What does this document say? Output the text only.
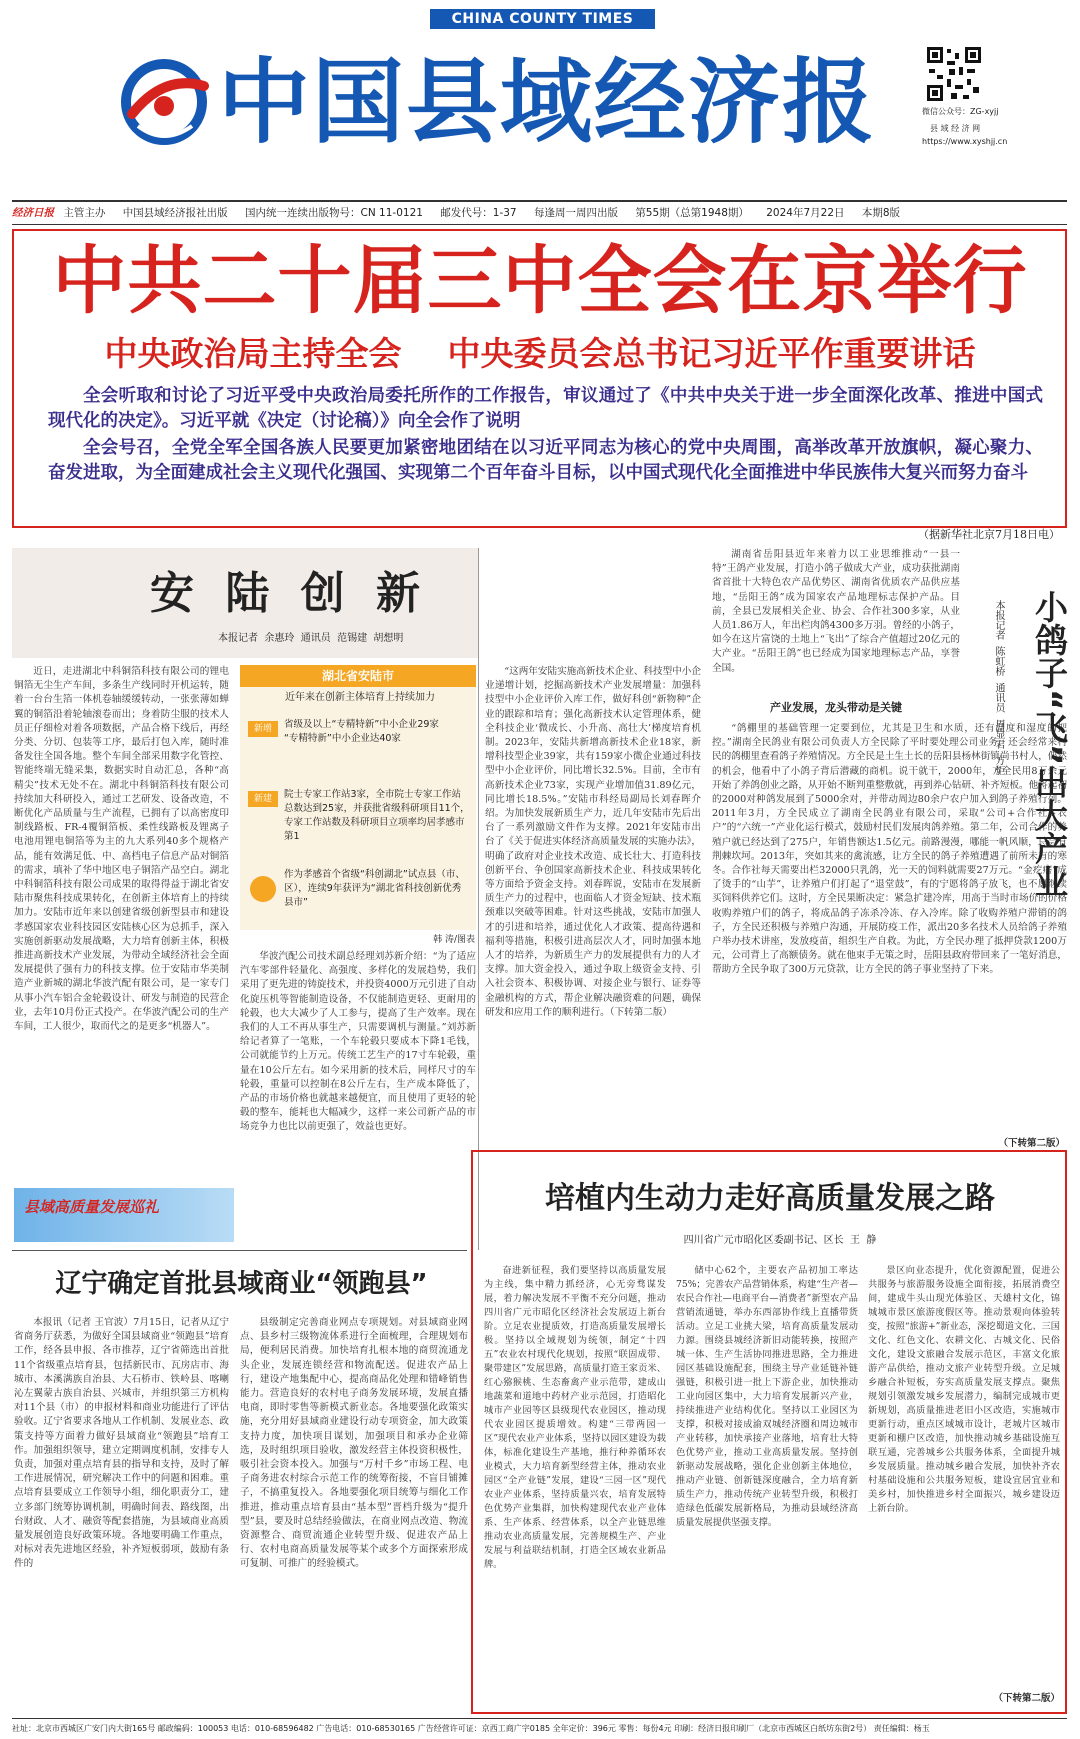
CHINA COUNTY TIMES
中国县域经济报	微信公众号：ZG-xyjj
县 域 经 济 网
https://www.xyshjj.cn
经济日报 主管主办 中国县域经济报社出版 国内统一连续出版物号：CN 11-0121 邮发代号：1-37 每逢周一周四出版 第55期（总第1948期） 2024年7月22日 本期8版
中共二十届三中全会在京举行
中央政治局主持全会    中央委员会总书记习近平作重要讲话
全会听取和讨论了习近平受中央政治局委托所作的工作报告，审议通过了《中共中央关于进一步全面深化改革、推进中国式现代化的决定》。习近平就《决定（讨论稿）》向全会作了说明
全会号召，全党全军全国各族人民要更加紧密地团结在以习近平同志为核心的党中央周围，高举改革开放旗帜，凝心聚力、奋发进取，为全面建成社会主义现代化强国、实现第二个百年奋斗目标，以中国式现代化全面推进中华民族伟大复兴而努力奋斗
（据新华社北京7月18日电）
安 陆 创 新
本报记者  余惠玲  通讯员  范锡建  胡想明
近日，走进湖北中科铜箔科技有限公司的锂电铜箔无尘生产车间，多条生产线同时开机运转，随着一台台生箔一体机卷轴缓缓转动，一张张薄如蝉翼的铜箔沿着轮轴滚卷而出；身着防尘服的技术人员正仔细检对着各项数据，产品合格下线后，再经分类、分切、包装等工序，最后打包入库，随时准备发往全国各地。整个车间全部采用数字化管控、智能终端无缝采集，数据实时自动汇总，各种“高精尖”技术无处不在。湖北中科铜箔科技有限公司持续加大科研投入，通过工艺研发、设备改造，不断优化产品质量与生产流程，已拥有了以高密度印制线路板、FR-4覆铜箔板、柔性线路板及锂离子电池用锂电铜箔等为主的九大系列40多个规格产品，能有效满足低、中、高档电子信息产品对铜箔的需求，填补了华中地区电子铜箔产品空白。湖北中科铜箔科技有限公司成果的取得得益于湖北省安陆市聚焦科技成果转化，在创新主体培育上的持续加力。安陆市近年来以创建省级创新型县市和建设孝感国家农业科技园区安陆核心区为总抓手，深入实施创新驱动发展战略，大力培育创新主体，积极推进高新技术产业发展，为带动全域经济社会全面发展提供了强有力的科技支撑。位于安陆市华美制造产业新城的湖北华波汽配有限公司，是一家专门从事小汽车铝合金轮毂设计、研发与制造的民营企业，去年10月份正式投产。在华波汽配公司的生产车间，工人很少，取而代之的是更多“机器人”。
湖北省安陆市
近年来在创新主体培育上持续加力
新增	省级及以上“专精特新”中小企业29家
“专精特新”中小企业达40家
新建	院士专家工作站3家，全市院士专家工作站总数达到25家，并获批省级科研项目11个，专家工作站数及科研项目立项率均居孝感市第1
作为孝感首个省级“科创湖北”试点县（市、区），连续9年获评为“湖北省科技创新优秀县市”
韩 涛/图表
华波汽配公司技术副总经理刘苏新介绍：“为了适应汽车零部件轻量化、高强度、多样化的发展趋势，我们采用了更先进的铸旋技术，并投资4000万元引进了自动化旋压机等智能制造设备，不仅能制造更轻、更耐用的轮毂，也大大减少了人工参与，提高了生产效率。现在我们的人工不再从事生产，只需要调机与测量。”刘苏新给记者算了一笔账，一个车轮毂只要成本下降1毛钱，公司就能节约上万元。传统工艺生产的17寸车轮毂，重量在10公斤左右。如今采用新的技术后，同样尺寸的车轮毂，重量可以控制在8公斤左右，生产成本降低了，产品的市场价格也就越来越便宜，而且使用了更轻的轮毂的整车，能耗也大幅减少，这样一来公司新产品的市场竞争力也比以前更强了，效益也更好。
“这两年安陆实施高新技术企业、科技型中小企业递增计划，挖掘高新技术产业发展增量：加强科技型中小企业评价入库工作，做好科创“新物种”企业的跟踪和培育；强化高新技术认定管理体系，健全科技企业‘微成长、小升高、高壮大’梯度培育机制。2023年，安陆共新增高新技术企业18家，新增科技型企业39家，共有159家小微企业通过科技型中小企业评价，同比增长32.5%。目前，全市有高新技术企业73家，实现产业增加值31.89亿元，同比增长18.5%。”安陆市科经局副局长刘春晖介绍。为加快发展新质生产力，近几年安陆市先后出台了一系列激励文件作为支撑。2021年安陆市出台了《关于促进实体经济高质量发展的实施办法》，明确了政府对企业技术改造、成长壮大、打造科技创新平台、争创国家高新技术企业、科技成果转化等方面给予资金支持。刘春晖说，安陆市在发展新质生产力的过程中，也面临人才资金短缺、技术瓶颈难以突破等困难。针对这些挑战，安陆市加强人才的引进和培养，通过优化人才政策、提高待遇和福利等措施，积极引进高层次人才，同时加强本地人才的培养，为新质生产力的发展提供有力的人才支撑。加大资金投入，通过争取上级资金支持、引入社会资本、积极协调、对接企业与银行、证券等金融机构的方式，帮企业解决融资难的问题，确保研发和应用工作的顺利进行。（下转第二版）
县域高质量发展巡礼
辽宁确定首批县域商业“领跑县”
本报讯（记者 王官波）7月15日，记者从辽宁省商务厅获悉，为做好全国县域商业“领跑县”培育工作，经各县申报、各市推荐，辽宁省筛选出首批11个省级重点培育县，包括新民市、瓦房店市、海城市、本溪满族自治县、大石桥市、铁岭县、喀喇沁左翼蒙古族自治县、兴城市，并组织第三方机构对11个县（市）的申报材料和商业功能进行了评估验收。辽宁省要求各地从工作机制、发展业态、政策支持等方面着力做好县域商业“领跑县”培育工作。加强组织领导，建立定期调度机制，安排专人负责，加强对重点培育县的指导和支持，及时了解工作进展情况，研究解决工作中的问题和困难。重点培育县要成立工作领导小组，细化职责分工，建立多部门统筹协调机制，明确时间表、路线图，出台财政、人才、融资等配套措施，为县域商业高质量发展创造良好政策环境。各地要明确工作重点，对标对表先进地区经验，补齐短板弱项，鼓励有条件的
县级制定完善商业网点专项规划。对县域商业网点、县乡村三级物流体系进行全面梳理，合理规划布局，便利居民消费。加快培育扎根本地的商贸流通龙头企业，发展连锁经营和物流配送。促进农产品上行，建设产地集配中心，提高商品化处理和错峰销售能力。营造良好的农村电子商务发展环境，发展直播电商，即时零售等新模式新业态。各地要强化政策实施，充分用好县域商业建设行动专项资金，加大政策支持力度，加快项目谋划，加强项目和承办企业筛选，及时组织项目验收，激发经营主体投资积极性，吸引社会资本投入。加强与“万村千乡”市场工程、电子商务进农村综合示范工作的统筹衔接，不盲目铺摊子，不搞重复投入。各地要强化项目统筹与细化工作推进，推动重点培育县由“基本型”晋档升级为“提升型”县，要及时总结经验做法，在商业网点改造、物流资源整合、商贸流通企业转型升级、促进农产品上行、农村电商高质量发展等某个或多个方面探索形成可复制、可推广的经验模式。
湖南省岳阳县近年来着力以工业思维推动“一县一特”王鸽产业发展，打造小鸽子做成大产业，成功获批湖南省首批十大特色农产品优势区、湖南省优质农产品供应基地，“岳阳王鸽”成为国家农产品地理标志保护产品。目前，全县已发展相关企业、协会、合作社300多家，从业人员1.86万人，年出栏肉鸽4300多万羽。曾经的小鸽子，如今在这片富饶的土地上“飞出”了综合产值超过20亿元的大产业。“岳阳王鸽”也已经成为国家地理标志产品，享誉全国。
产业发展，龙头带动是关键
“鸽棚里的基础管理一定要到位，尤其是卫生和水质，还有温度和湿度的把控。”湖南全民鸽业有限公司负责人方全民除了平时要处理公司业务，还会经常来村民的鸽棚里查看鸽子养殖情况。方全民是土生土长的岳阳县杨林街镇尚书村人，偶然的机会，他看中了小鸽子背后潜藏的商机。说干就干，2000年，方全民用8万余元开始了养鸽创业之路，从开始不断判重整敷就，再到养心钻研、补齐短板。他将起初的2000对种鸽发展到了5000余对，并带动周边80余户农户加入到鸽子养殖行列。2011年3月，方全民成立了湖南全民鸽业有限公司，采取“公司+合作社+农户”的“六统一”产业化运行模式，鼓励村民们发展肉鸽养殖。第二年，公司合作的养殖户就已经达到了275户，年销售额达1.5亿元。前路漫漫，哪能一帆风顺，总会有荆棘坎坷。2013年，突如其来的禽流感，让方全民的鸽子养殖遭遇了前所未有的寒冬。合作社每天需要出栏32000只乳鸽，光一天的饲料就需要27万元。“金疙瘩”成了烫手的“山芋”，让养殖户们打起了“退堂鼓”，有的宁愿将鸽子放飞，也不愿继续买饲料供养它们。这时，方全民果断决定：紧急扩建冷库，用高于当时市场价的价格收购养殖户们的鸽子，将成品鸽子冻杀冷冻、存入冷库。除了收购养殖户滞销的鸽子，方全民还积极与养殖户沟通，开展防疫工作，派出20多名技术人员给鸽子养殖户举办技术讲座，发放疫苗，组织生产自救。为此，方全民办理了抵押贷款1200万元，公司背上了高额债务。就在他束手无策之时，岳阳县政府带回来了一笔好消息，帮助方全民争取了300万元贷款，让方全民的鸽子事业坚持了下来。
小鸽子“飞”出大产业
本报记者  陈虹桥  通讯员  周显君  方炬
（下转第二版）
培植内生动力走好高质量发展之路
四川省广元市昭化区委副书记、区长  王  静
奋进新征程，我们要坚持以高质量发展为主线，集中精力抓经济，心无旁骛谋发展，着力解决发展不平衡不充分问题，推动四川省广元市昭化区经济社会发展迈上新台阶。立足农业提质效，打造高质量发展增长极。坚持以全域规划为统领，制定“十四五”农业农村现代化规划，按照“联固成带、聚带建区”发展思路，高质量打造王家贡米、红心猕猴桃、生态畜禽产业示范带，建成山地蔬菜和道地中药材产业示范园，打造昭化城市产业园等区县级现代农业园区，推动现代农业园区提质增效。构建“三带两园一区”现代农业产业体系，坚持以园区建设为载体，标准化建设生产基地，推行种养循环农业模式，大力培育新型经营主体，推动农业园区“全产业链”发展，建设“三园一区”现代农业产业体系，坚持质量兴农，培育发展特色优势产业集群，加快构建现代农业产业体系、生产体系、经营体系，以全产业链思维推动农业高质量发展，完善规模生产、产业发展与利益联结机制，打造全区域农业新品牌。
储中心62个，主要农产品初加工率达75%；完善农产品营销体系，构建“生产者—农民合作社—电商平台—消费者”新型农产品营销流通链，举办东西部协作线上直播带货活动。立足工业挑大梁，培育高质量发展动力源。围绕县城经济新旧动能转换，按照产城一体、生产生活协同推进思路，全力推进园区基础设施配套，围绕主导产业延链补链强链，积极引进一批上下游企业，加快推动工业向园区集中，大力培育发展新兴产业，持续推进产业结构优化。坚持以工业园区为支撑，积极对接成渝双城经济圈和周边城市产业转移，加快承接产业落地，培育壮大特色优势产业，推动工业高质量发展。坚持创新驱动发展战略，强化企业创新主体地位，推动产业链、创新链深度融合，全力培育新质生产力，推动传统产业转型升级，积极打造绿色低碳发展新格局，为推动县域经济高质量发展提供坚强支撑。
景区向业态提升，优化资源配置，促进公共服务与旅游服务设施全面衔接，拓展消费空间，建成牛头山现光体验区、天雄村文化，锦城城市景区旅游度假区等。推动景观向体验转变，按照“旅游+”新业态，深挖蜀道文化、三国文化、红色文化、农耕文化、古城文化、民俗文化，建设文旅融合发展示范区，丰富文化旅游产品供给，推动文旅产业转型升级。立足城乡融合补短板，夯实高质量发展支撑点。聚焦规划引领激发城乡发展潜力，编制完成城市更新规划，高质量推进老旧小区改造，实施城市更新行动，重点区域城市设计，老城片区城市更新和棚户区改造，加快推动城乡基础设施互联互通，完善城乡公共服务体系，全面提升城乡发展质量。推动城乡融合发展，加快补齐农村基础设施和公共服务短板，建设宜居宜业和美乡村，加快推进乡村全面振兴，城乡建设迈上新台阶。
（下转第二版）
社址：北京市西城区广安门内大街165号 邮政编码：100053 电话：010-68596482 广告电话：010-68530165 广告经营许可证：京西工商广字0185 全年定价：396元 零售：每份4元 印刷：经济日报印刷厂（北京市西城区白纸坊东街2号） 责任编辑：杨玉
